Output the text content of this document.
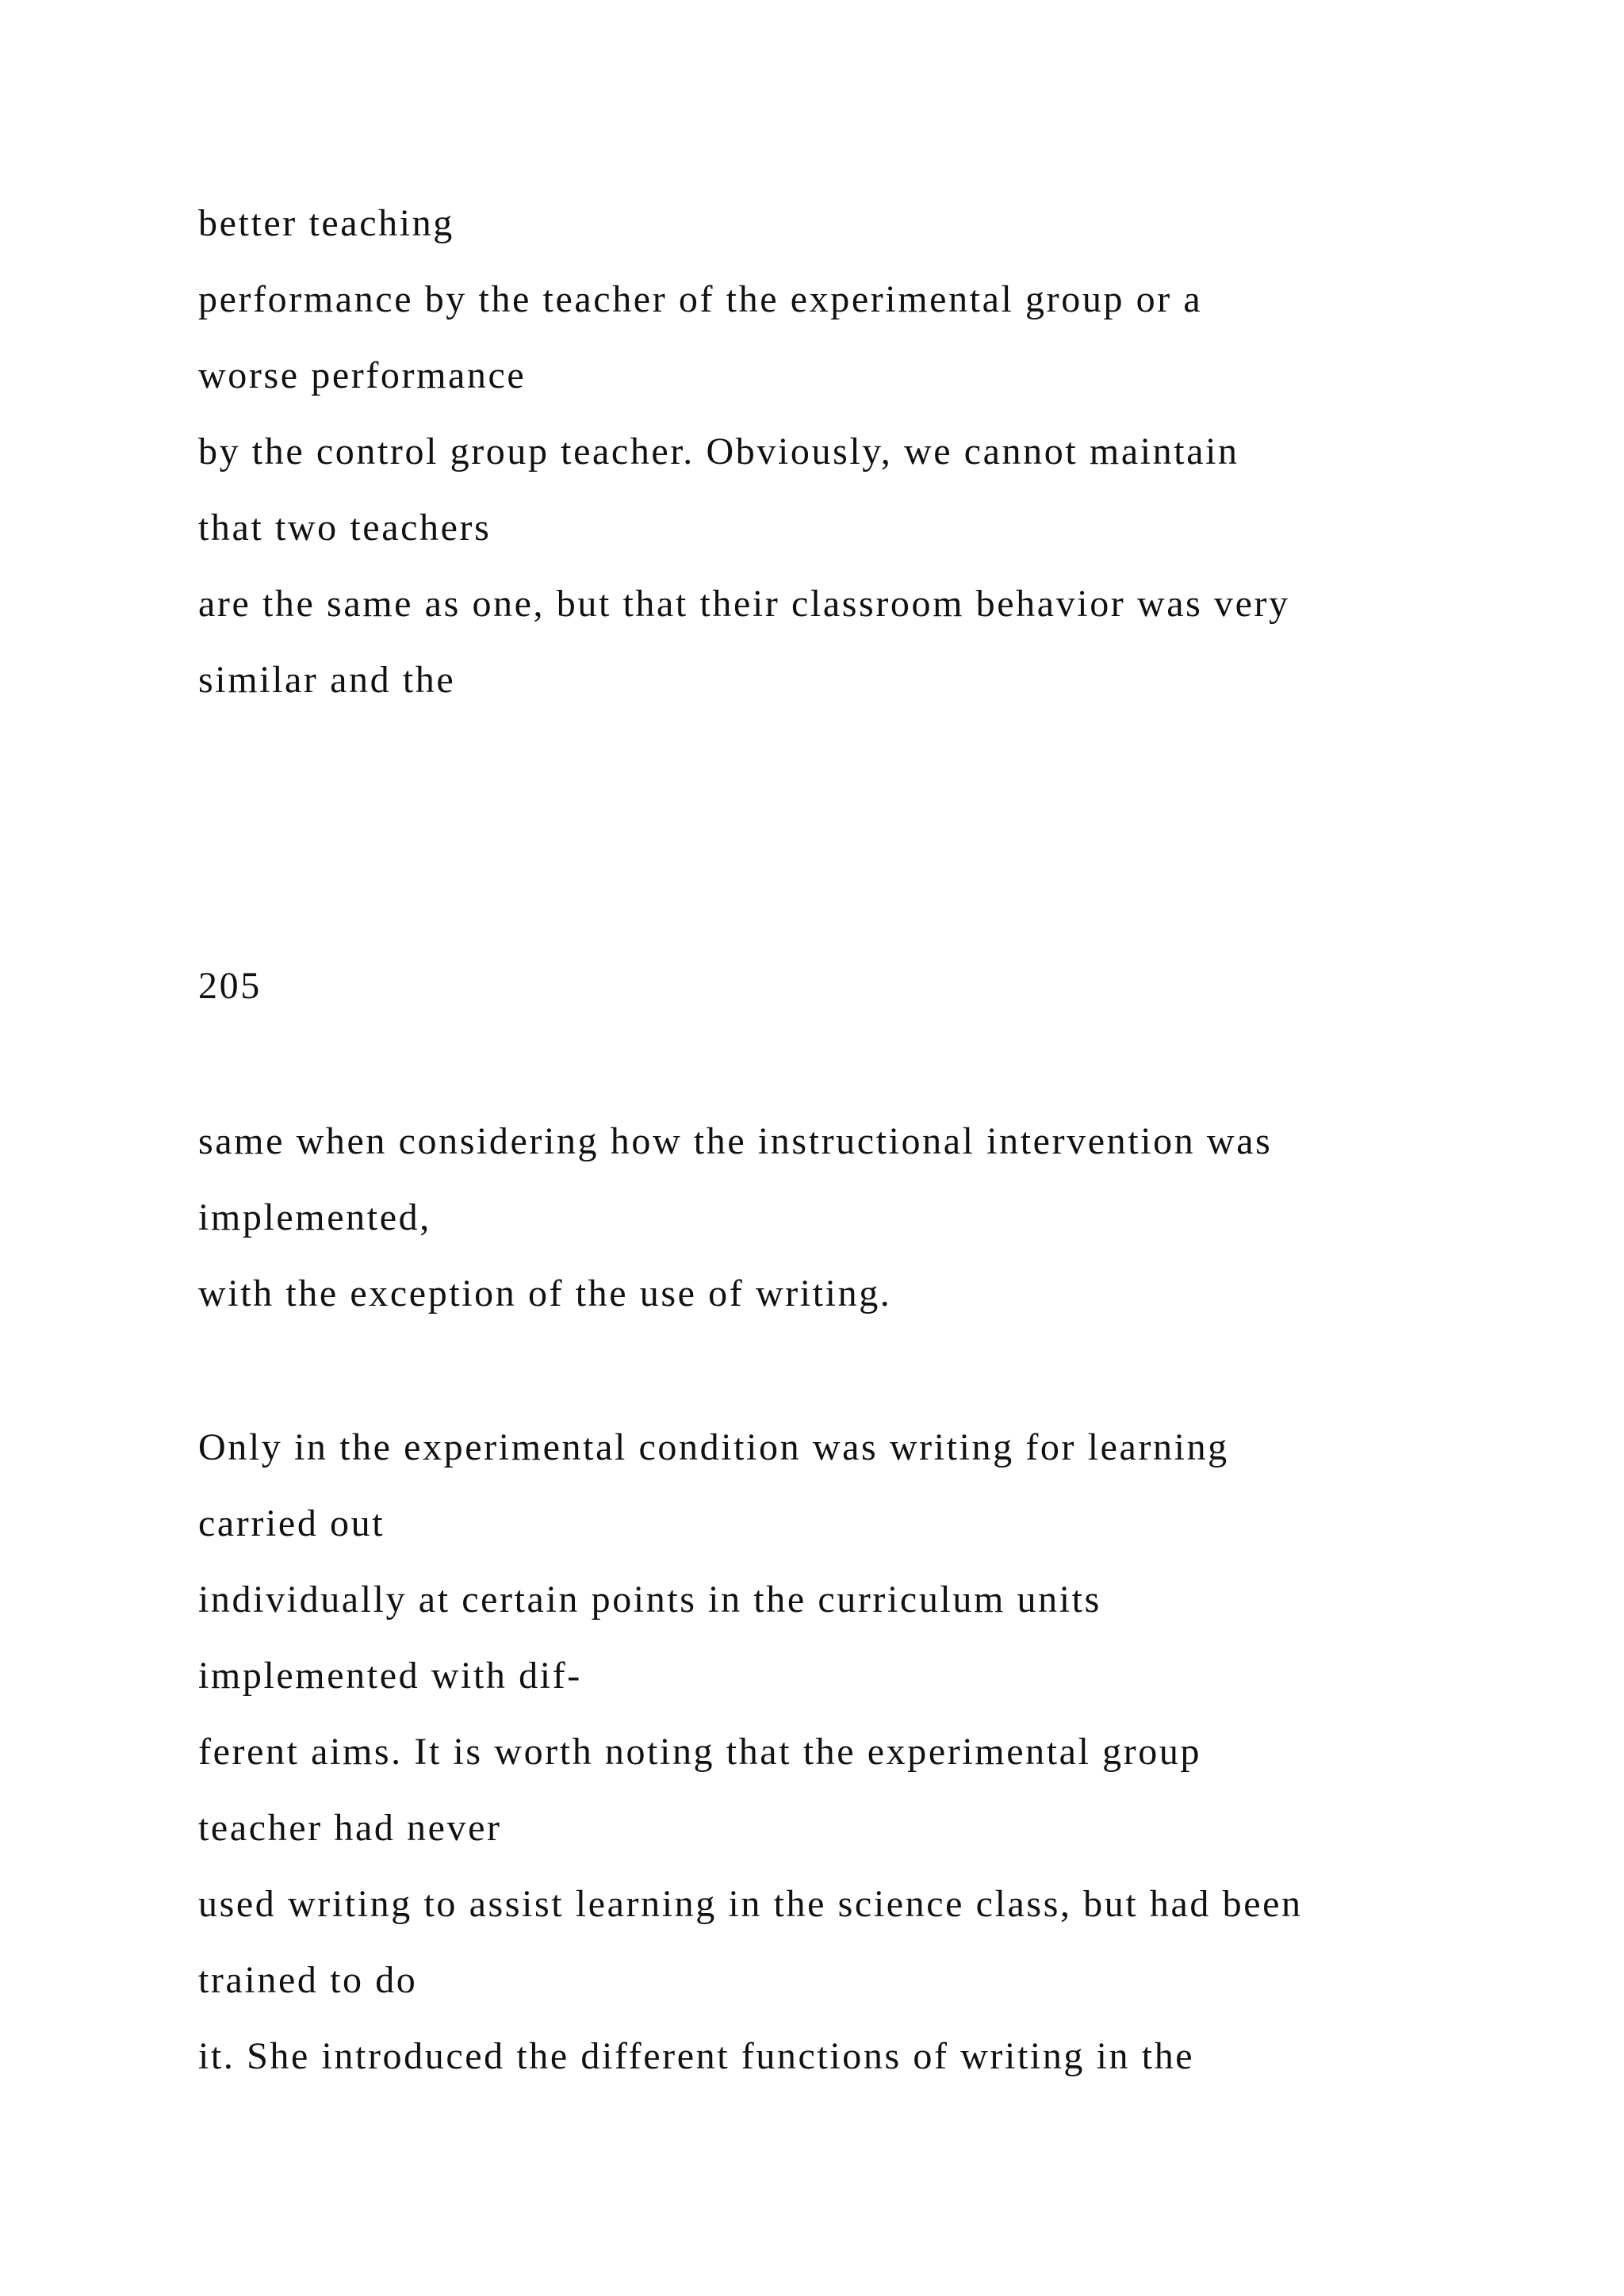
better teaching

performance by the teacher of the experimental group or a

worse performance

by the control group teacher. Obviously, we cannot maintain

that two teachers

are the same as one, but that their classroom behavior was very

similar and the

205

same when considering how the instructional intervention was

implemented,

with the exception of the use of writing.

Only in the experimental condition was writing for learning

carried out

individually at certain points in the curriculum units

implemented with dif-

ferent aims. It is worth noting that the experimental group

teacher had never

used writing to assist learning in the science class, but had been

trained to do

it. She introduced the different functions of writing in the
